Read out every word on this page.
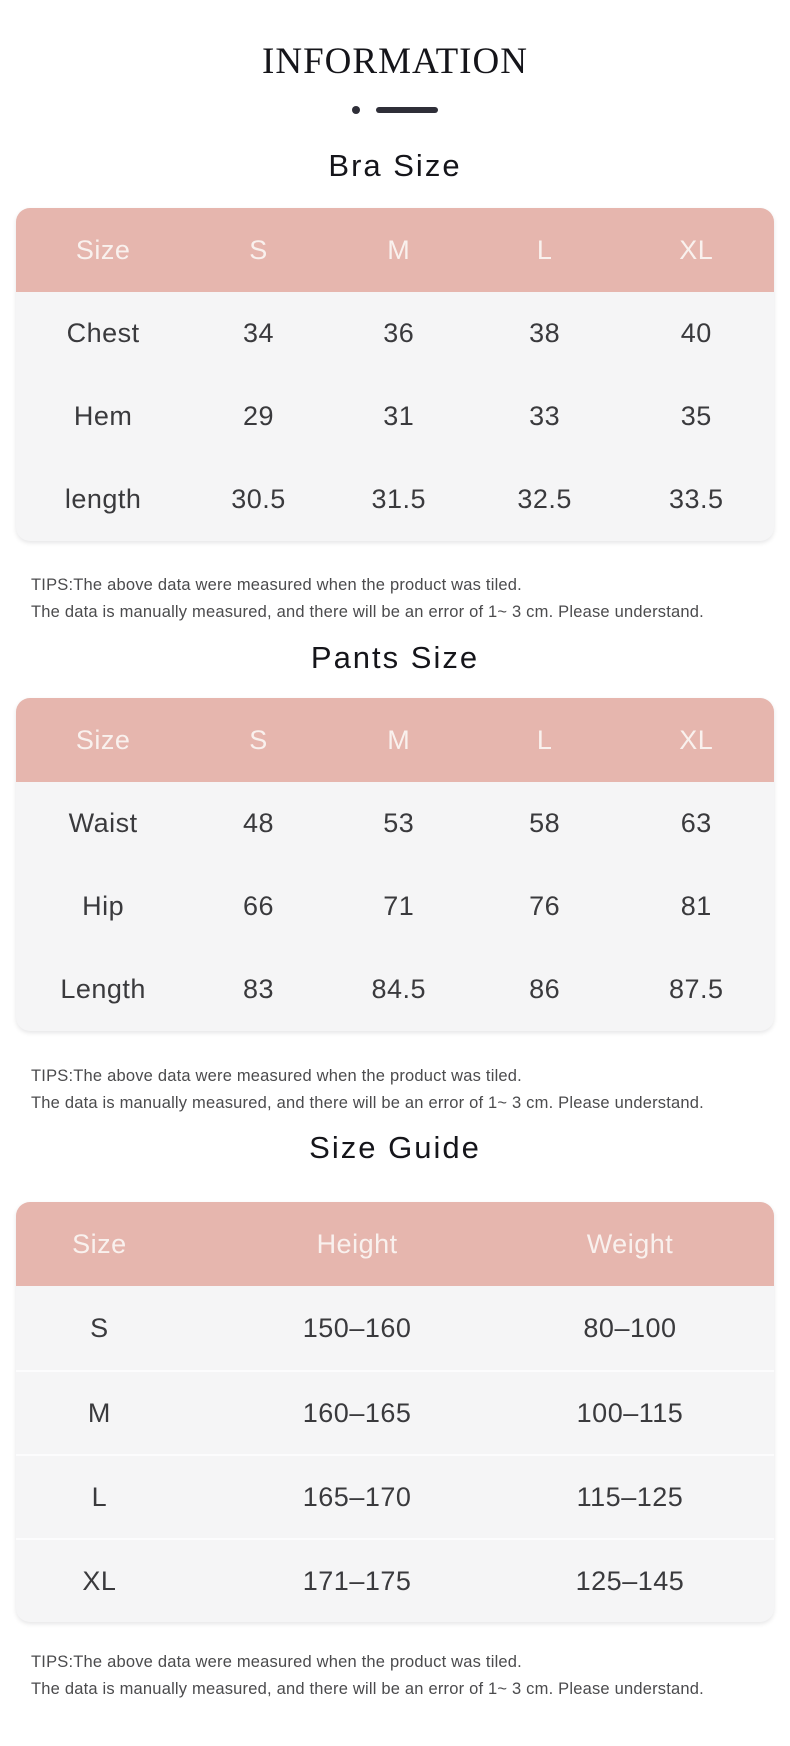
INFORMATION
Bra Size
Size	S	M	L	XL
Chest	34	36	38	40
Hem	29	31	33	35
length	30.5	31.5	32.5	33.5

TIPS:The above data were measured when the product was tiled.

The data is manually measured, and there will be an error of 1~ 3 cm. Please understand.

Pants Size
Size	S	M	L	XL
Waist	48	53	58	63
Hip	66	71	76	81
Length	83	84.5	86	87.5

TIPS:The above data were measured when the product was tiled.

The data is manually measured, and there will be an error of 1~ 3 cm. Please understand.

Size Guide
Size	Height	Weight
S	150–160	80–100
M	160–165	100–115
L	165–170	115–125
XL	171–175	125–145

TIPS:The above data were measured when the product was tiled.

The data is manually measured, and there will be an error of 1~ 3 cm. Please understand.
